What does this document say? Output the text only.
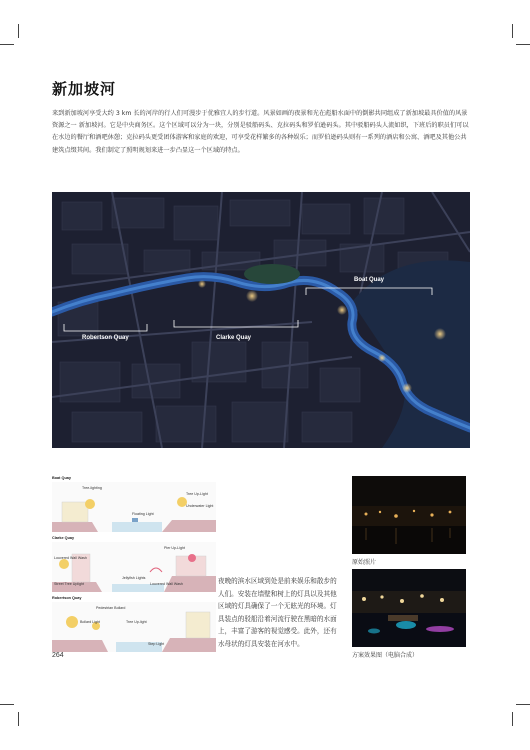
新加坡河
来到新加坡河享受大约 3 km 长的河岸的行人们可漫步于优雅宜人的步行道。风景如画的夜景和光在彪船水面中的倒影共同组成了新加坡最具价值的风景资源之一 新加坡河。它是中央商务区。这个区域可以分为一块，分别是驳船码头、克拉码头和罗伯逊码头。其中驳船码头人流如织，下班后的职员们可以在水边的餐厅和酒吧休憩；克拉码头更受团体游客和家庭的欢迎，可享受花样繁多的各种娱乐；而罗伯逊码头则有一系列的酒店和公寓、酒吧及其他公共建筑点缀其间。我们制定了照明规划来进一步凸显这一个区域的特点。
Boat Quay
Robertson Quay	Clarke Quay
Boat Quay
Tree-lighting
Tree Up-Light
Underwater Light
Floating Light
Clarke Quay
Pier Up-Light
Louvered Wall Wash
Street Tree Uplight
Jellyfish Lights
Louvered Wall Wash
Robertson Quay
Pedestrian Bollard
Bollard Light	Tree Up-light
Step Light
夜晚的滨水区域到处是前来娱乐和散步的人们。安装在墙壁和树上的灯具以及其他区域的灯具确保了一个无眩光的环境。灯具装点的驳船沿着河流行驶在黑暗的水面上，丰富了游客的视觉感受。此外，还有水母状的灯具安装在河水中。
原始照片
方案效果图（电脑合成）
264
